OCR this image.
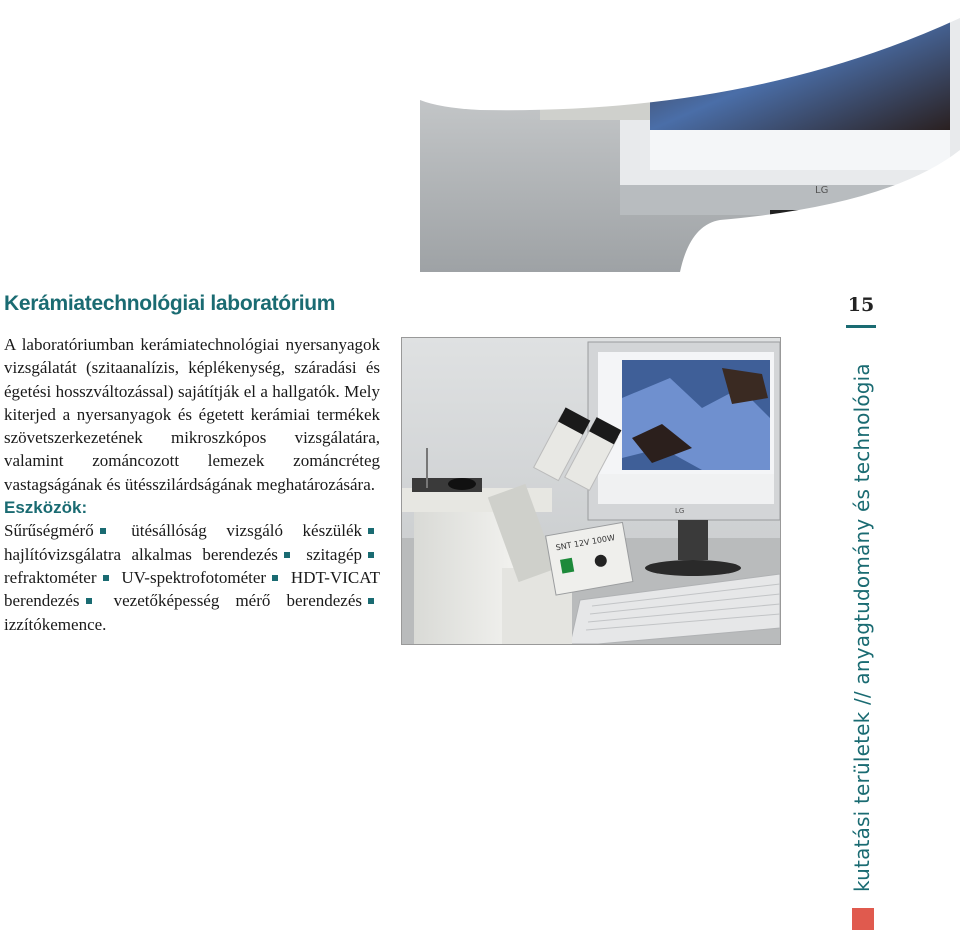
LG
Kerámiatechnológiai laboratórium	15

A laboratóriumban kerámiatechnológiai nyersanyagok vizsgálatát (szitaanalízis, képlékenység, száradási és égetési hosszváltozással) sajátítják el a hallgatók. Mely kiterjed a nyersanyagok és égetett kerámiai termékek szövetszerkezetének mikroszkópos vizsgálatára, valamint zománcozott lemezek zománcréteg vastagságának és ütésszilárdságának meghatározására.

Eszközök:
Sűrűségmérő ütésállóság vizsgáló készülék hajlítóvizsgálatra alkalmas berendezés szitagép refraktométer UV-spektrofotométer HDT-VICAT berendezés vezetőképesség mérő berendezés izzítókemence.

LG
SNT 12V 100W	kutatási területek // anyagtudomány és technológia
